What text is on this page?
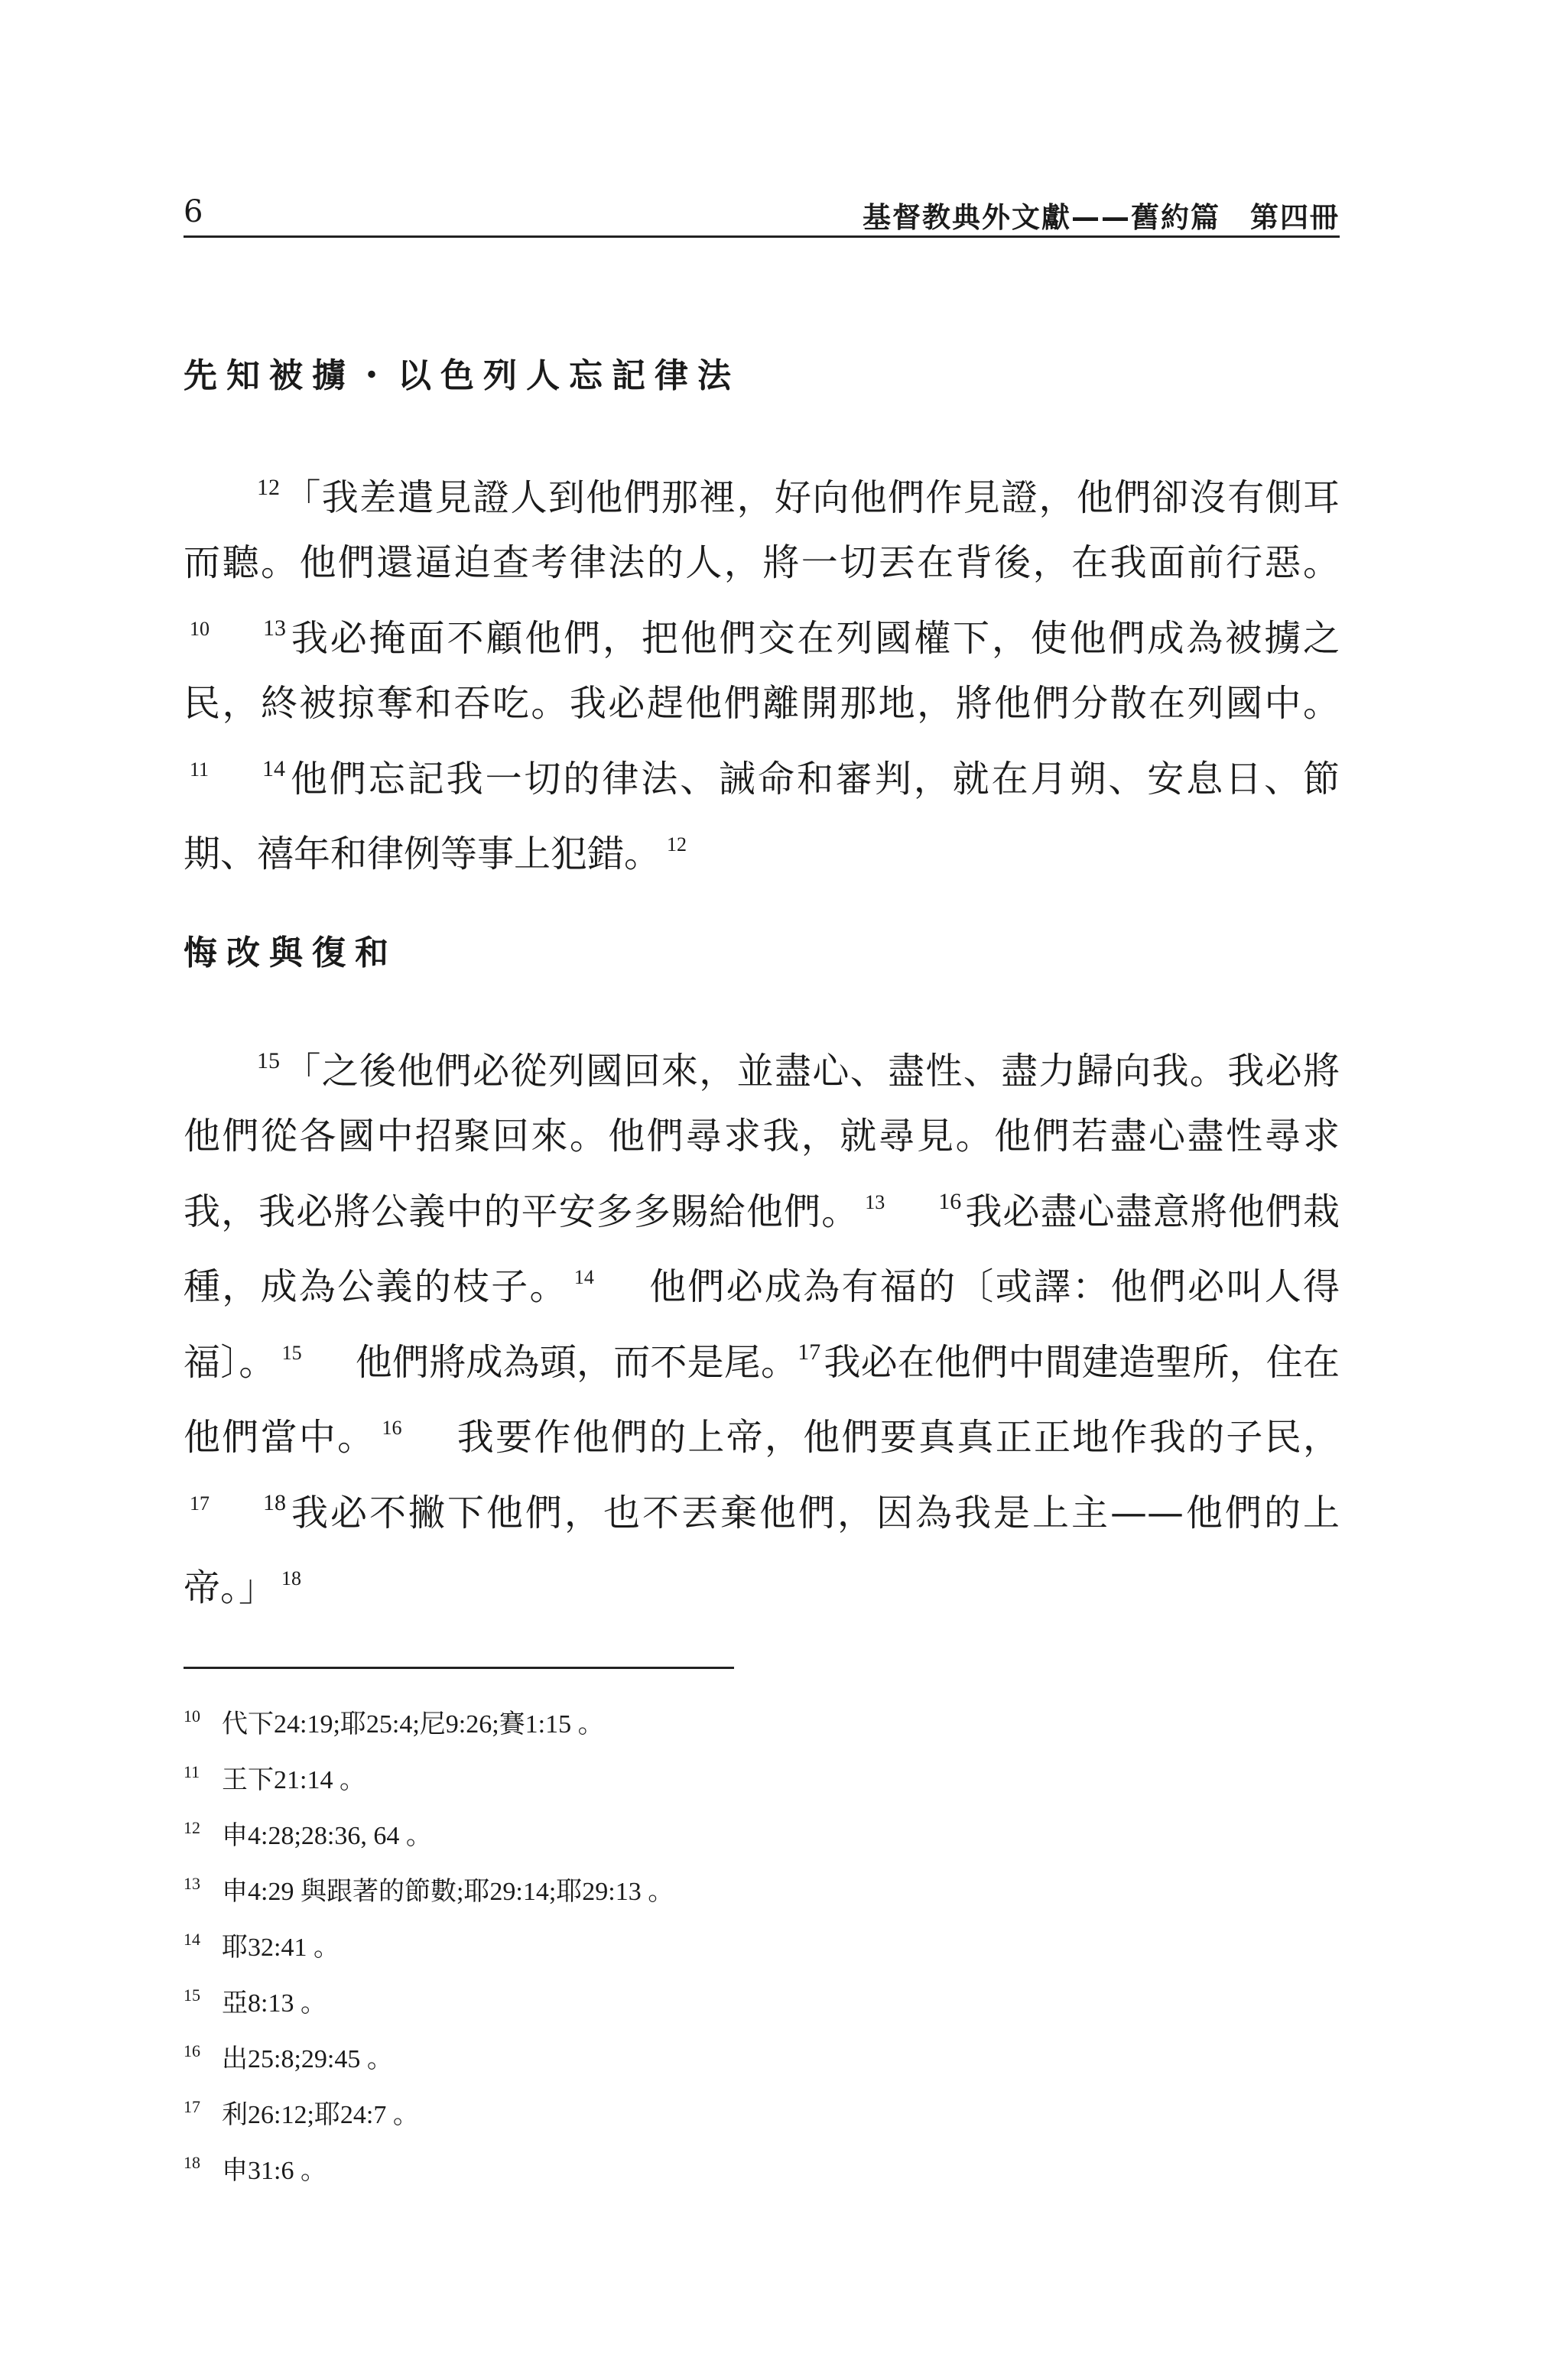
6	基督教典外文獻——舊約篇　第四冊
先知被擄・以色列人忘記律法

$^{12}$「我差遣見證人到他們那裡，好向他們作見證，他們卻沒有側耳而聽。他們還逼迫查考律法的人，將一切丟在背後，在我面前行惡。$^{10}$ $^{13}$我必掩面不顧他們，把他們交在列國權下，使他們成為被擄之民，終被掠奪和吞吃。我必趕他們離開那地，將他們分散在列國中。$^{11}$ $^{14}$他們忘記我一切的律法、誡命和審判，就在月朔、安息日、節期、禧年和律例等事上犯錯。 $^{12}$

悔改與復和

$^{15}$「之後他們必從列國回來，並盡心、盡性、盡力歸向我。我必將他們從各國中招聚回來。他們尋求我，就尋見。他們若盡心盡性尋求我，我必將公義中的平安多多賜給他們。 $^{13}$ $^{16}$我必盡心盡意將他們栽種，成為公義的枝子。 $^{14}$ 他們必成為有福的〔或譯：他們必叫人得福〕。 $^{15}$ 他們將成為頭，而不是尾。$^{17}$我必在他們中間建造聖所，住在他們當中。 $^{16}$ 我要作他們的上帝，他們要真真正正地作我的子民，$^{17}$ $^{18}$我必不撇下他們，也不丟棄他們，因為我是上主——他們的上帝。」 $^{18}$

10 代下24:19;耶25:4;尼9:26;賽1:15 。
11 王下21:14 。
12 申4:28;28:36, 64 。
13 申4:29 與跟著的節數;耶29:14;耶29:13 。
14 耶32:41 。
15 亞8:13 。
16 出25:8;29:45 。
17 利26:12;耶24:7 。
18 申31:6 。
